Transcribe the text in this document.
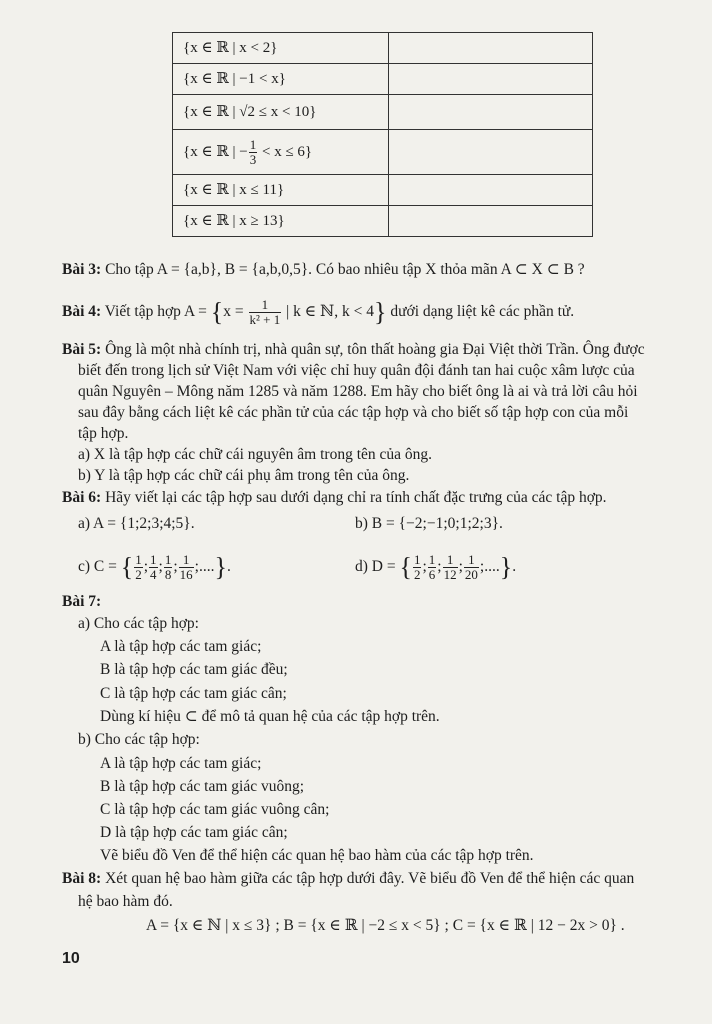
{x ∈ ℝ | x < 2}	
{x ∈ ℝ | −1 < x}	
{x ∈ ℝ | √2 ≤ x < 10}	
{x ∈ ℝ | − $\frac{1}{3} < x \le 6$}	
{x ∈ ℝ | x ≤ 11}	
{x ∈ ℝ | x ≥ 13}	
Bài 3: Cho tập A = {a,b}, B = {a,b,0,5}. Có bao nhiêu tập X thỏa mãn A ⊂ X ⊂ B ?
Bài 4: Viết tập hợp $A = \{x = \frac{1}{\text{k² + 1}}$ | k ∈ ℕ, k < 4} dưới dạng liệt kê các phần tử.
Bài 5: Ông là một nhà chính trị, nhà quân sự, tôn thất hoàng gia Đại Việt thời Trần. Ông được
biết đến trong lịch sử Việt Nam với việc chỉ huy quân đội đánh tan hai cuộc xâm lược của
quân Nguyên – Mông năm 1285 và năm 1288. Em hãy cho biết ông là ai và trả lời câu hỏi
sau đây bằng cách liệt kê các phần tử của các tập hợp và cho biết số tập hợp con của mỗi
tập hợp.
a) X là tập hợp các chữ cái nguyên âm trong tên của ông.
b) Y là tập hợp các chữ cái phụ âm trong tên của ông.
Bài 6: Hãy viết lại các tập hợp sau dưới dạng chỉ ra tính chất đặc trưng của các tập hợp.
a) A = {1;2;3;4;5}.	b) B = {−2;−1;0;1;2;3}.
c) C = { $\frac{1}{2}$ ; $\frac{1}{4}$ ; $\frac{1}{8}$ ; $\frac{1}{16}$ ;....}.	d) D = { $\frac{1}{2}$ ; $\frac{1}{6}$ ; $\frac{1}{12}$ ; $\frac{1}{20}$ ;....}.
Bài 7:
a) Cho các tập hợp:
A là tập hợp các tam giác;
B là tập hợp các tam giác đều;
C là tập hợp các tam giác cân;
Dùng kí hiệu ⊂ để mô tả quan hệ của các tập hợp trên.
b) Cho các tập hợp:
A là tập hợp các tam giác;
B là tập hợp các tam giác vuông;
C là tập hợp các tam giác vuông cân;
D là tập hợp các tam giác cân;
Vẽ biểu đồ Ven để thể hiện các quan hệ bao hàm của các tập hợp trên.
Bài 8: Xét quan hệ bao hàm giữa các tập hợp dưới đây. Vẽ biểu đồ Ven để thể hiện các quan
hệ bao hàm đó.
A = {x ∈ ℕ | x ≤ 3} ; B = {x ∈ ℝ | −2 ≤ x < 5} ; C = {x ∈ ℝ | 12 − 2x > 0} .
10
